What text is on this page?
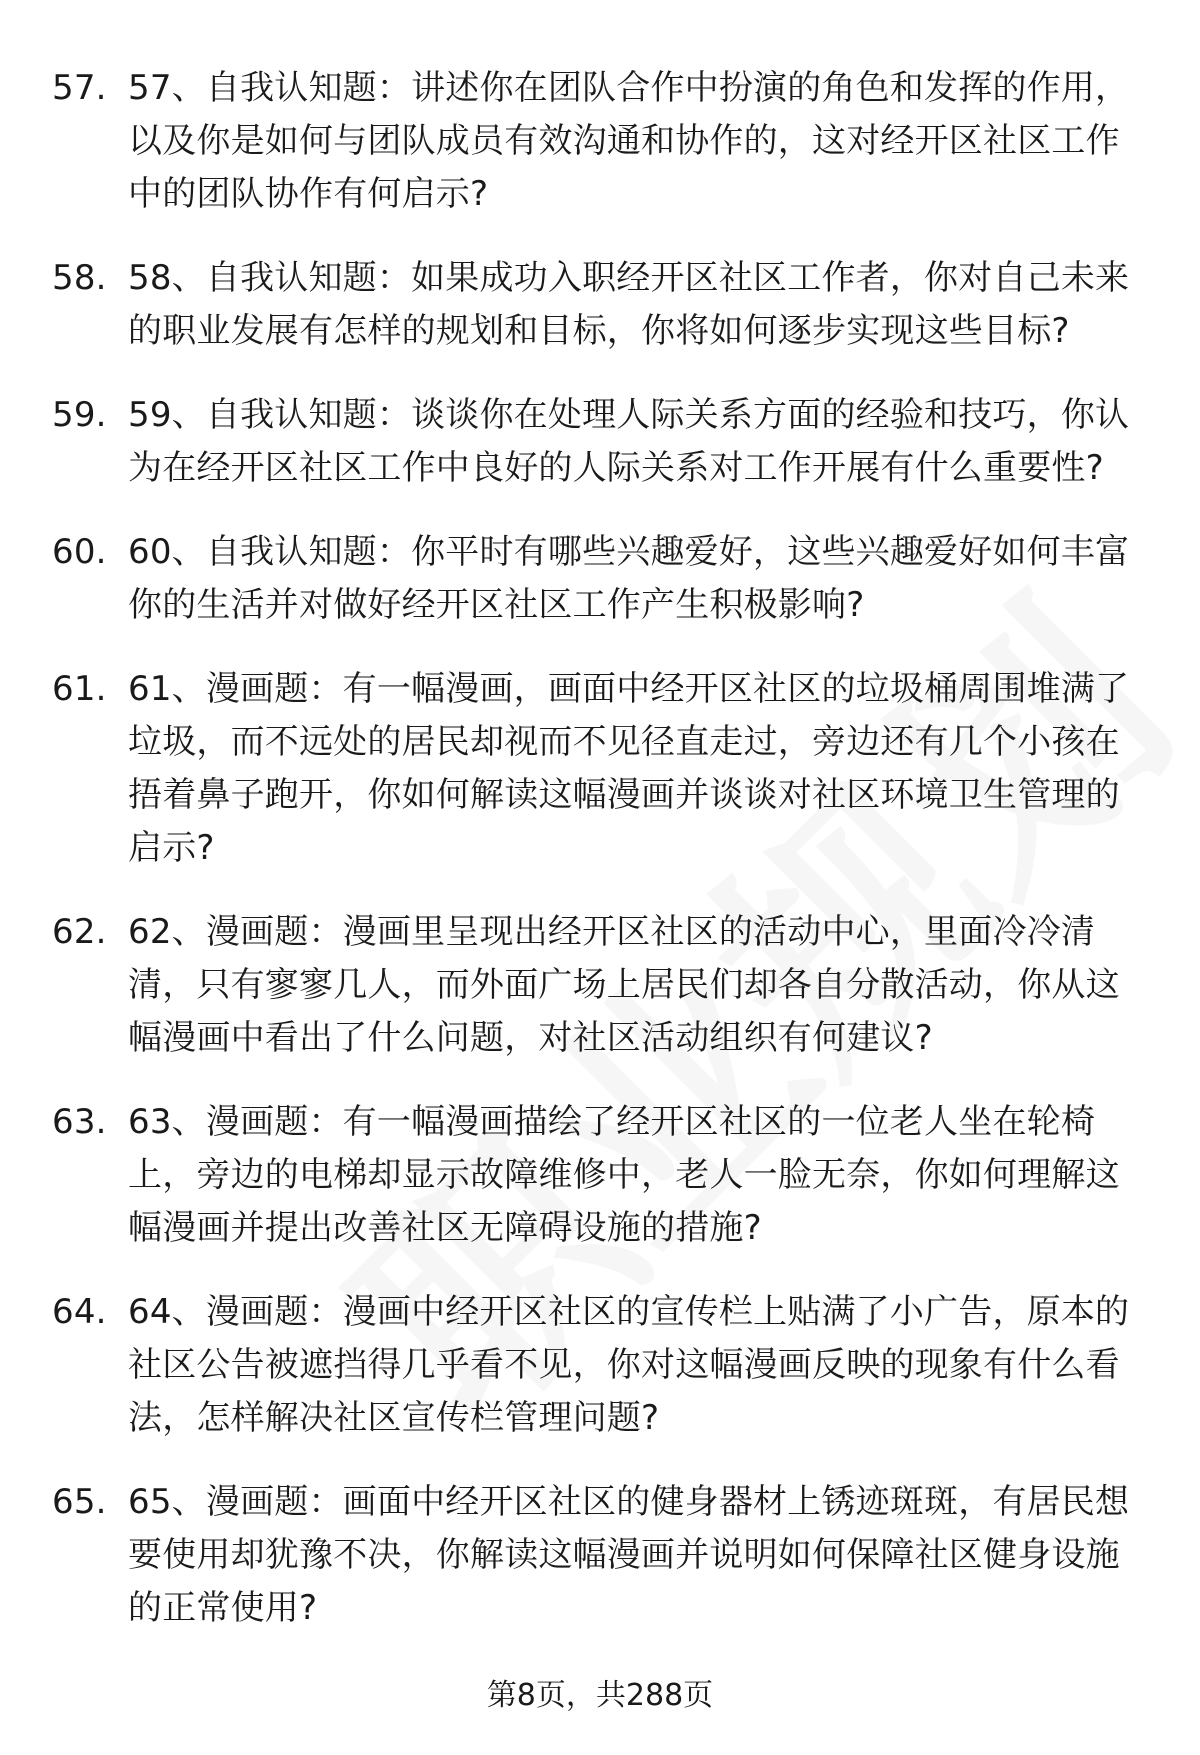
57. 57、自我认知题：讲述你在团队合作中扮演的角色和发挥的作用，以及你是如何与团队成员有效沟通和协作的，这对经开区社区工作中的团队协作有何启示?
58. 58、自我认知题：如果成功入职经开区社区工作者，你对自己未来的职业发展有怎样的规划和目标，你将如何逐步实现这些目标?
59. 59、自我认知题：谈谈你在处理人际关系方面的经验和技巧，你认为在经开区社区工作中良好的人际关系对工作开展有什么重要性?
60. 60、自我认知题：你平时有哪些兴趣爱好，这些兴趣爱好如何丰富你的生活并对做好经开区社区工作产生积极影响?
61. 61、漫画题：有一幅漫画，画面中经开区社区的垃圾桶周围堆满了垃圾，而不远处的居民却视而不见径直走过，旁边还有几个小孩在捂着鼻子跑开，你如何解读这幅漫画并谈谈对社区环境卫生管理的启示?
62. 62、漫画题：漫画里呈现出经开区社区的活动中心，里面冷冷清清，只有寥寥几人，而外面广场上居民们却各自分散活动，你从这幅漫画中看出了什么问题，对社区活动组织有何建议?
63. 63、漫画题：有一幅漫画描绘了经开区社区的一位老人坐在轮椅上，旁边的电梯却显示故障维修中，老人一脸无奈，你如何理解这幅漫画并提出改善社区无障碍设施的措施?
64. 64、漫画题：漫画中经开区社区的宣传栏上贴满了小广告，原本的社区公告被遮挡得几乎看不见，你对这幅漫画反映的现象有什么看法，怎样解决社区宣传栏管理问题?
65. 65、漫画题：画面中经开区社区的健身器材上锈迹斑斑，有居民想要使用却犹豫不决，你解读这幅漫画并说明如何保障社区健身设施的正常使用?
第8页，共288页
